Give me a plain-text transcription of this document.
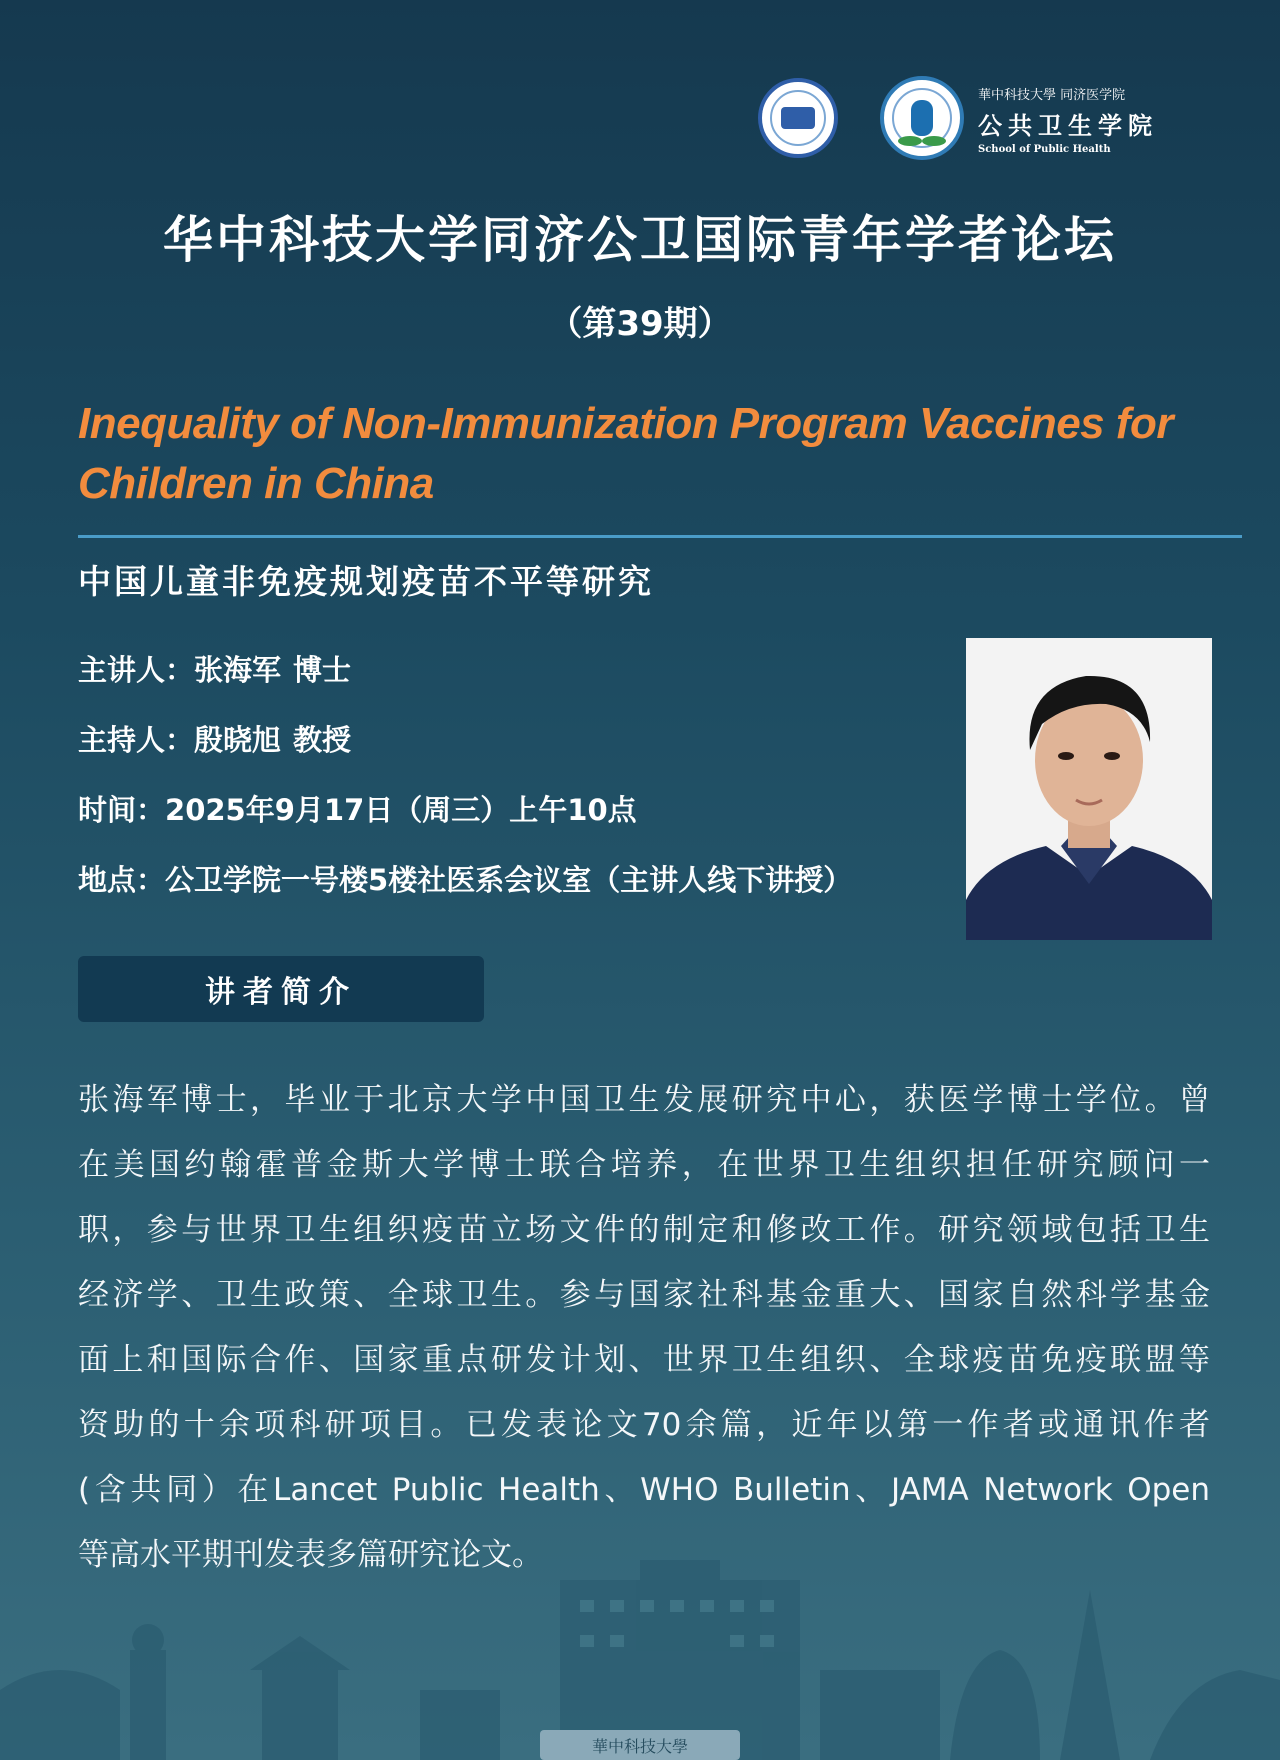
華中科技大學 同济医学院
公共卫生学院
School of Public Health
华中科技大学同济公卫国际青年学者论坛
（第39期）
Inequality of Non-Immunization Program Vaccines for Children in China
中国儿童非免疫规划疫苗不平等研究
主讲人：张海军 博士
主持人：殷晓旭 教授
时间：2025年9月17日（周三）上午10点
地点：公卫学院一号楼5楼社医系会议室（主讲人线下讲授）
讲者简介
张海军博士，毕业于北京大学中国卫生发展研究中心，获医学博士学位。曾
在美国约翰霍普金斯大学博士联合培养，在世界卫生组织担任研究顾问一
职，参与世界卫生组织疫苗立场文件的制定和修改工作。研究领域包括卫生
经济学、卫生政策、全球卫生。参与国家社科基金重大、国家自然科学基金
面上和国际合作、国家重点研发计划、世界卫生组织、全球疫苗免疫联盟等
资助的十余项科研项目。已发表论文70余篇，近年以第一作者或通讯作者
(含共同）在Lancet Public Health、WHO Bulletin、JAMA Network Open
等高水平期刊发表多篇研究论文。
華中科技大學
